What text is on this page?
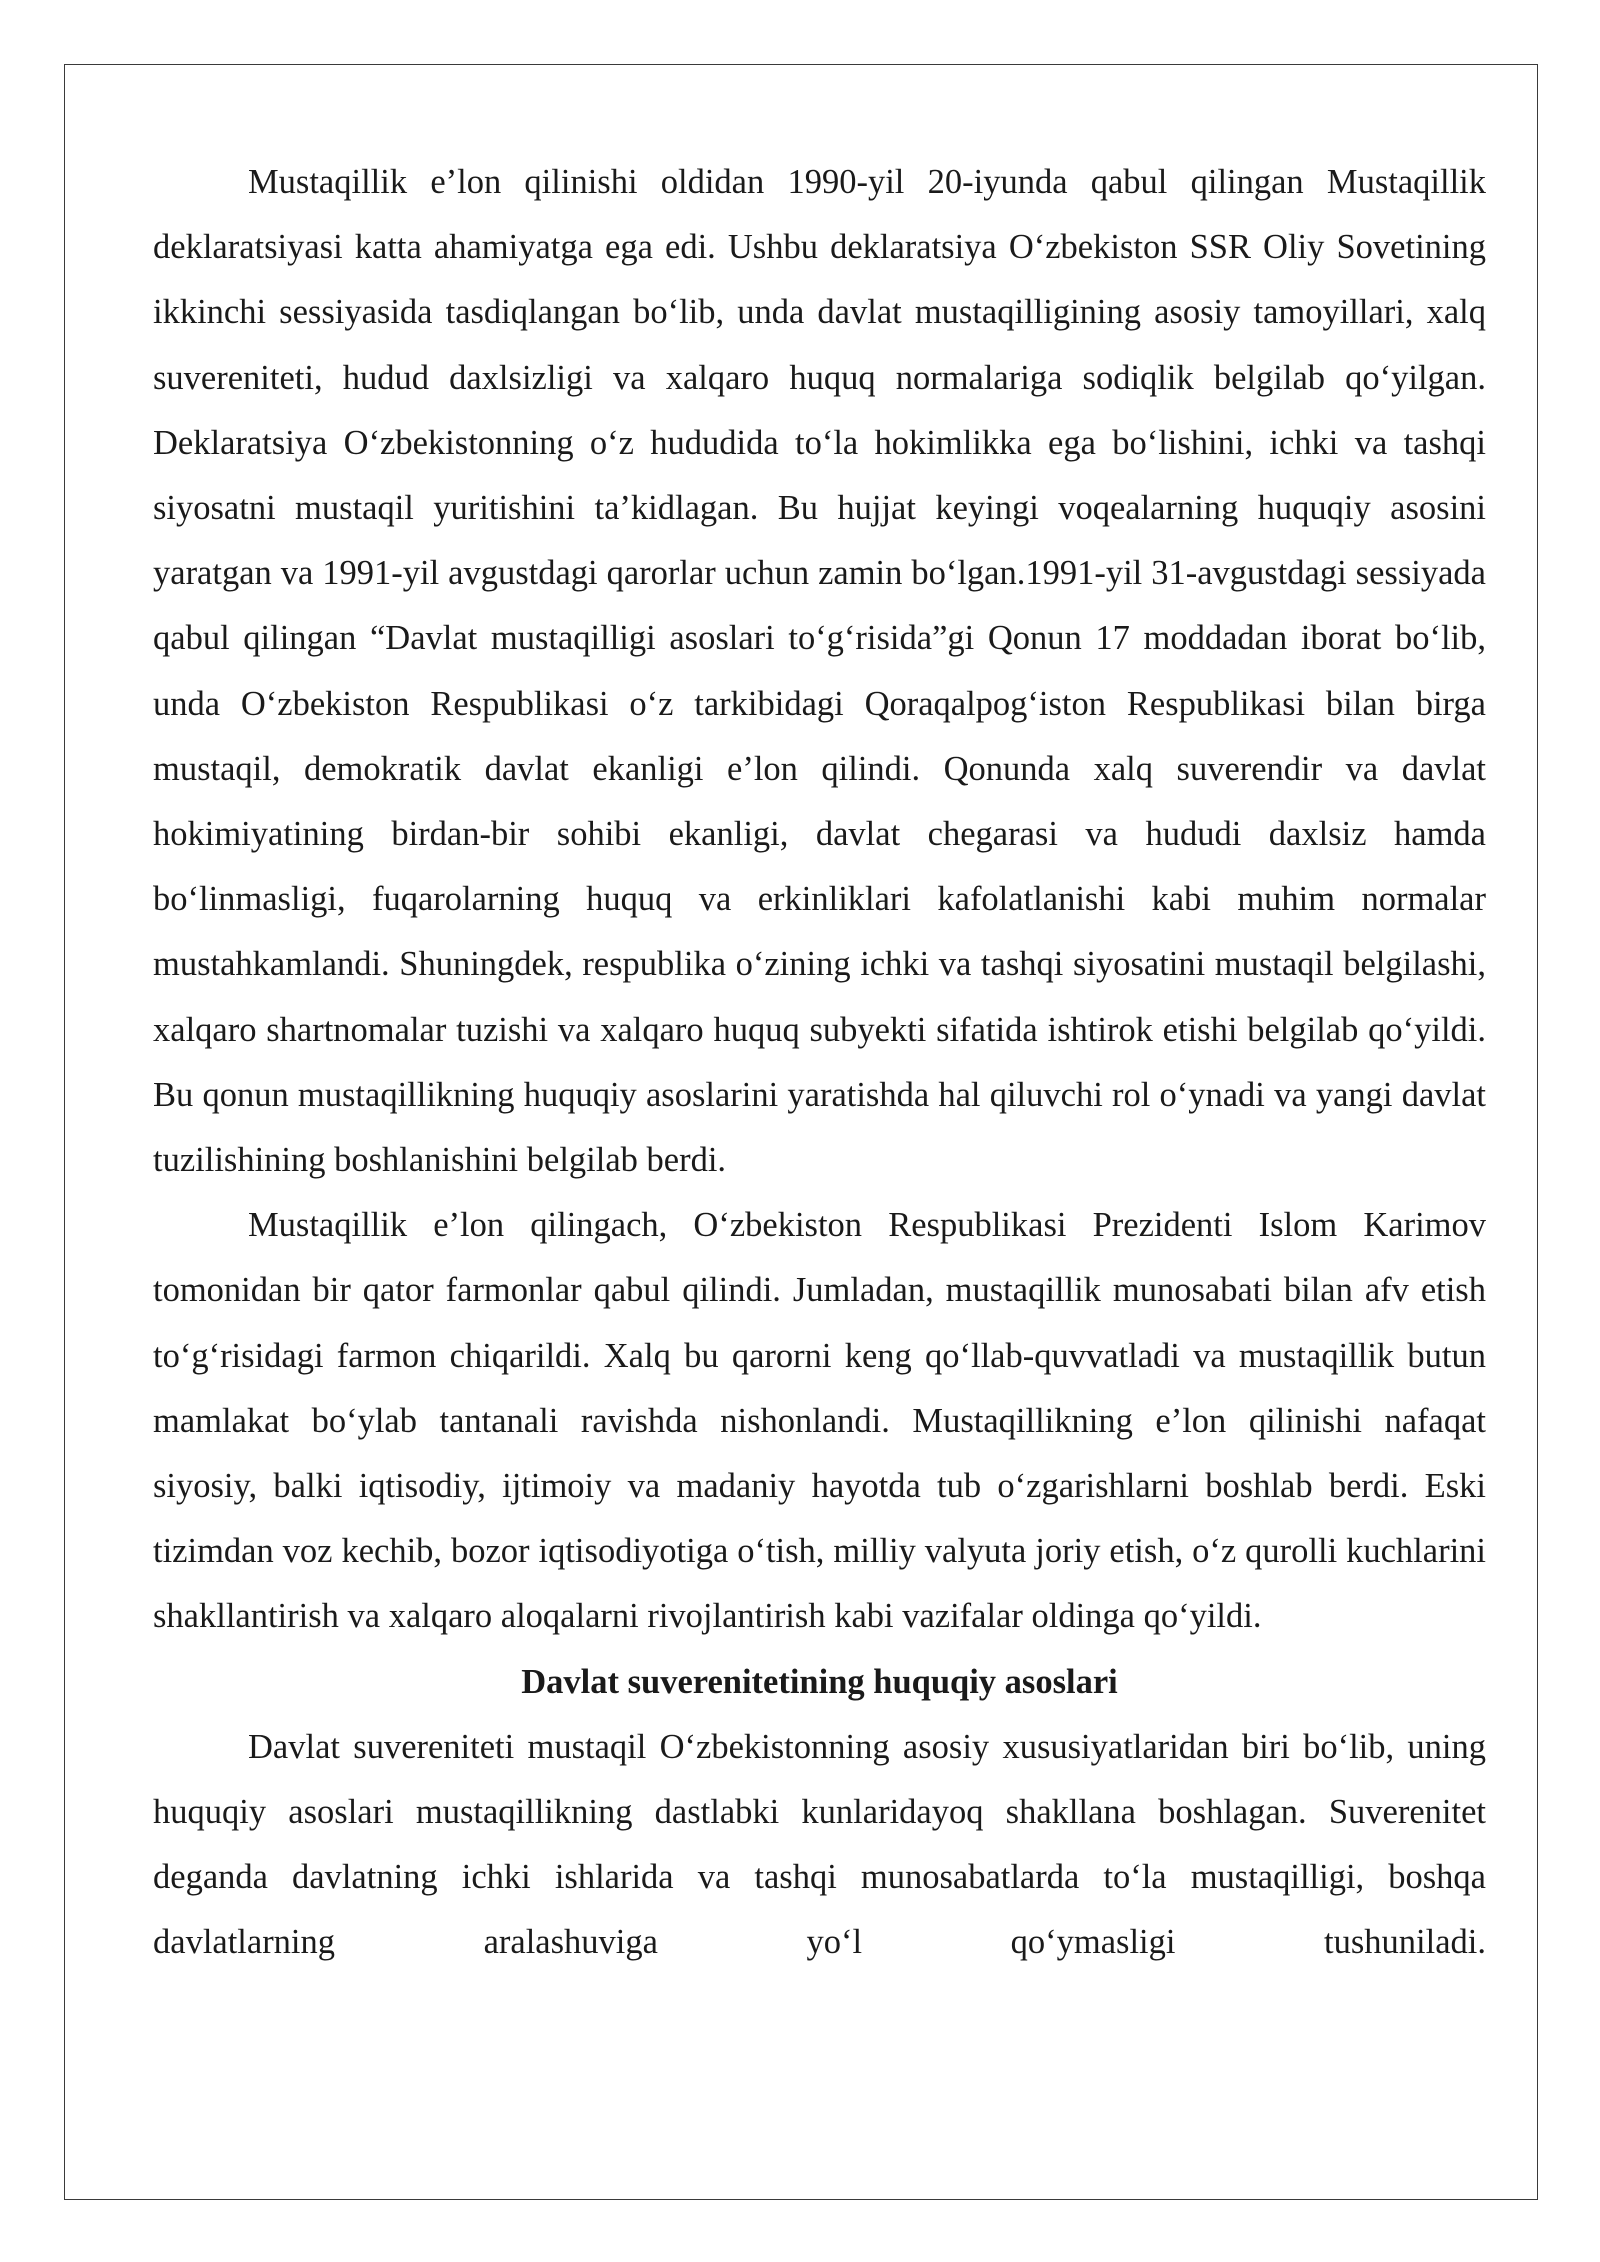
Mustaqillik e’lon qilinishi oldidan 1990-yil 20-iyunda qabul qilingan Mustaqillik deklaratsiyasi katta ahamiyatga ega edi. Ushbu deklaratsiya O‘zbekiston SSR Oliy Sovetining ikkinchi sessiyasida tasdiqlangan bo‘lib, unda davlat mustaqilligining asosiy tamoyillari, xalq suvereniteti, hudud daxlsizligi va xalqaro huquq normalariga sodiqlik belgilab qo‘yilgan. Deklaratsiya O‘zbekistonning o‘z hududida to‘la hokimlikka ega bo‘lishini, ichki va tashqi siyosatni mustaqil yuritishini ta’kidlagan. Bu hujjat keyingi voqealarning huquqiy asosini yaratgan va 1991-yil avgustdagi qarorlar uchun zamin bo‘lgan.1991-yil 31-avgustdagi sessiyada qabul qilingan “Davlat mustaqilligi asoslari to‘g‘risida”gi Qonun 17 moddadan iborat bo‘lib, unda O‘zbekiston Respublikasi o‘z tarkibidagi Qoraqalpog‘iston Respublikasi bilan birga mustaqil, demokratik davlat ekanligi e’lon qilindi. Qonunda xalq suverendir va davlat hokimiyatining birdan-bir sohibi ekanligi, davlat chegarasi va hududi daxlsiz hamda bo‘linmasligi, fuqarolarning huquq va erkinliklari kafolatlanishi kabi muhim normalar mustahkamlandi. Shuningdek, respublika o‘zining ichki va tashqi siyosatini mustaqil belgilashi, xalqaro shartnomalar tuzishi va xalqaro huquq subyekti sifatida ishtirok etishi belgilab qo‘yildi. Bu qonun mustaqillikning huquqiy asoslarini yaratishda hal qiluvchi rol o‘ynadi va yangi davlat tuzilishining boshlanishini belgilab berdi.

Mustaqillik e’lon qilingach, O‘zbekiston Respublikasi Prezidenti Islom Karimov tomonidan bir qator farmonlar qabul qilindi. Jumladan, mustaqillik munosabati bilan afv etish to‘g‘risidagi farmon chiqarildi. Xalq bu qarorni keng qo‘llab-quvvatladi va mustaqillik butun mamlakat bo‘ylab tantanali ravishda nishonlandi. Mustaqillikning e’lon qilinishi nafaqat siyosiy, balki iqtisodiy, ijtimoiy va madaniy hayotda tub o‘zgarishlarni boshlab berdi. Eski tizimdan voz kechib, bozor iqtisodiyotiga o‘tish, milliy valyuta joriy etish, o‘z qurolli kuchlarini shakllantirish va xalqaro aloqalarni rivojlantirish kabi vazifalar oldinga qo‘yildi.

Davlat suverenitetining huquqiy asoslari

Davlat suvereniteti mustaqil O‘zbekistonning asosiy xususiyatlaridan biri bo‘lib, uning huquqiy asoslari mustaqillikning dastlabki kunlaridayoq shakllana boshlagan. Suverenitet deganda davlatning ichki ishlarida va tashqi munosabatlarda to‘la mustaqilligi, boshqa davlatlarning aralashuviga yo‘l qo‘ymasligi tushuniladi.
